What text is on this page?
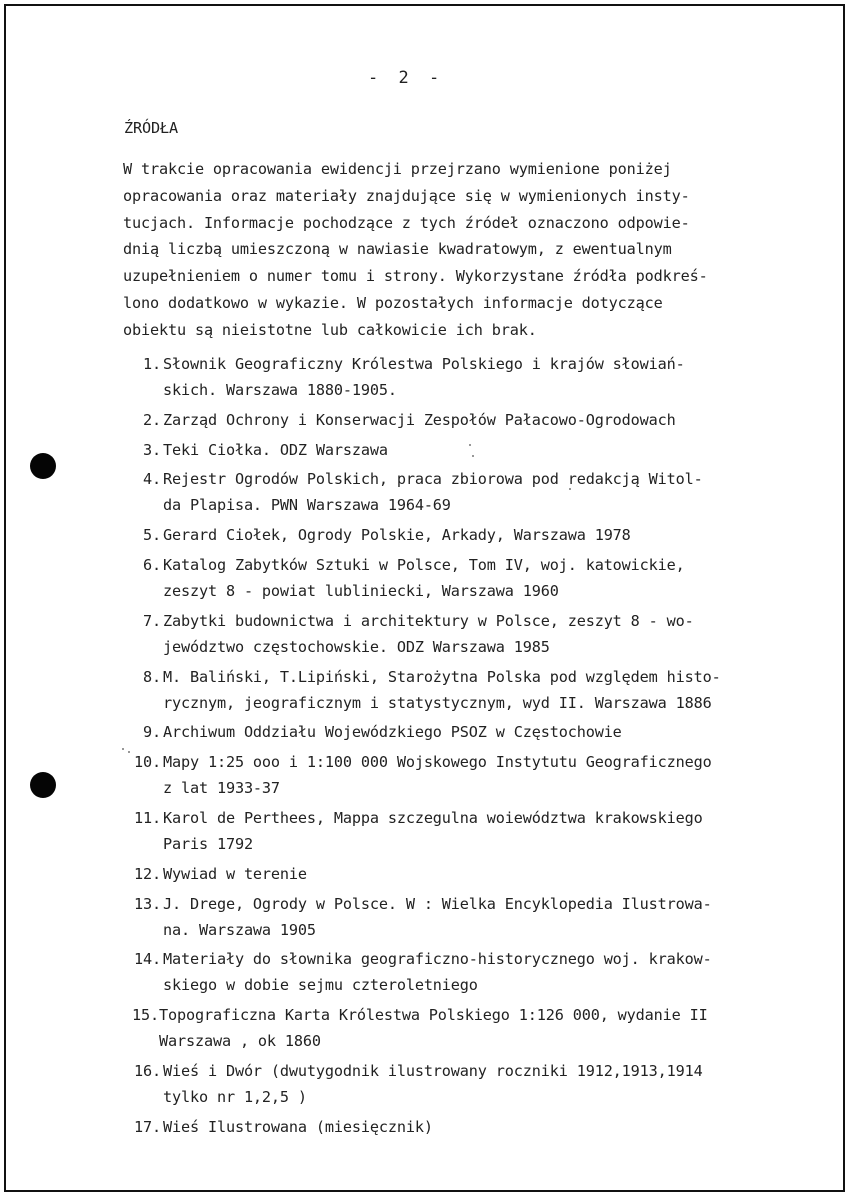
- 2 -
ŹRÓDŁA
W trakcie opracowania ewidencji przejrzano wymienione poniżej
opracowania oraz materiały znajdujące się w wymienionych insty-
tucjach. Informacje pochodzące z tych źródeł oznaczono odpowie-
dnią liczbą umieszczoną w nawiasie kwadratowym, z ewentualnym
uzupełnieniem o numer tomu i strony. Wykorzystane źródła podkreś-
lono dodatkowo w wykazie. W pozostałych informacje dotyczące
obiektu są nieistotne lub całkowicie ich brak.
1. Słownik Geograficzny Królestwa Polskiego i krajów słowiań-
skich. Warszawa 1880-1905.
2. Zarząd Ochrony i Konserwacji Zespołów Pałacowo-Ogrodowach
3. Teki Ciołka. ODZ Warszawa
4. Rejestr Ogrodów Polskich, praca zbiorowa pod redakcją Witol-
da Plapisa. PWN Warszawa 1964-69
5. Gerard Ciołek, Ogrody Polskie, Arkady, Warszawa 1978
6. Katalog Zabytków Sztuki w Polsce, Tom IV, woj. katowickie,
zeszyt 8 - powiat lubliniecki, Warszawa 1960
7. Zabytki budownictwa i architektury w Polsce, zeszyt 8 - wo-
jewództwo częstochowskie. ODZ Warszawa 1985
8. M. Baliński, T.Lipiński, Starożytna Polska pod względem histo-
rycznym, jeograficznym i statystycznym, wyd II. Warszawa 1886
9. Archiwum Oddziału Wojewódzkiego PSOZ w Częstochowie
10. Mapy 1:25 ooo i 1:100 000 Wojskowego Instytutu Geograficznego
z lat 1933-37
11. Karol de Perthees, Mappa szczegulna woiewództwa krakowskiego
Paris 1792
12. Wywiad w terenie
13. J. Drege, Ogrody w Polsce. W : Wielka Encyklopedia Ilustrowa-
na. Warszawa 1905
14. Materiały do słownika geograficzno-historycznego woj. krakow-
skiego w dobie sejmu czteroletniego
15. Topograficzna Karta Królestwa Polskiego 1:126 000, wydanie II
Warszawa , ok 1860
16. Wieś i Dwór (dwutygodnik ilustrowany roczniki 1912,1913,1914
tylko nr 1,2,5 )
17. Wieś Ilustrowana (miesięcznik)
